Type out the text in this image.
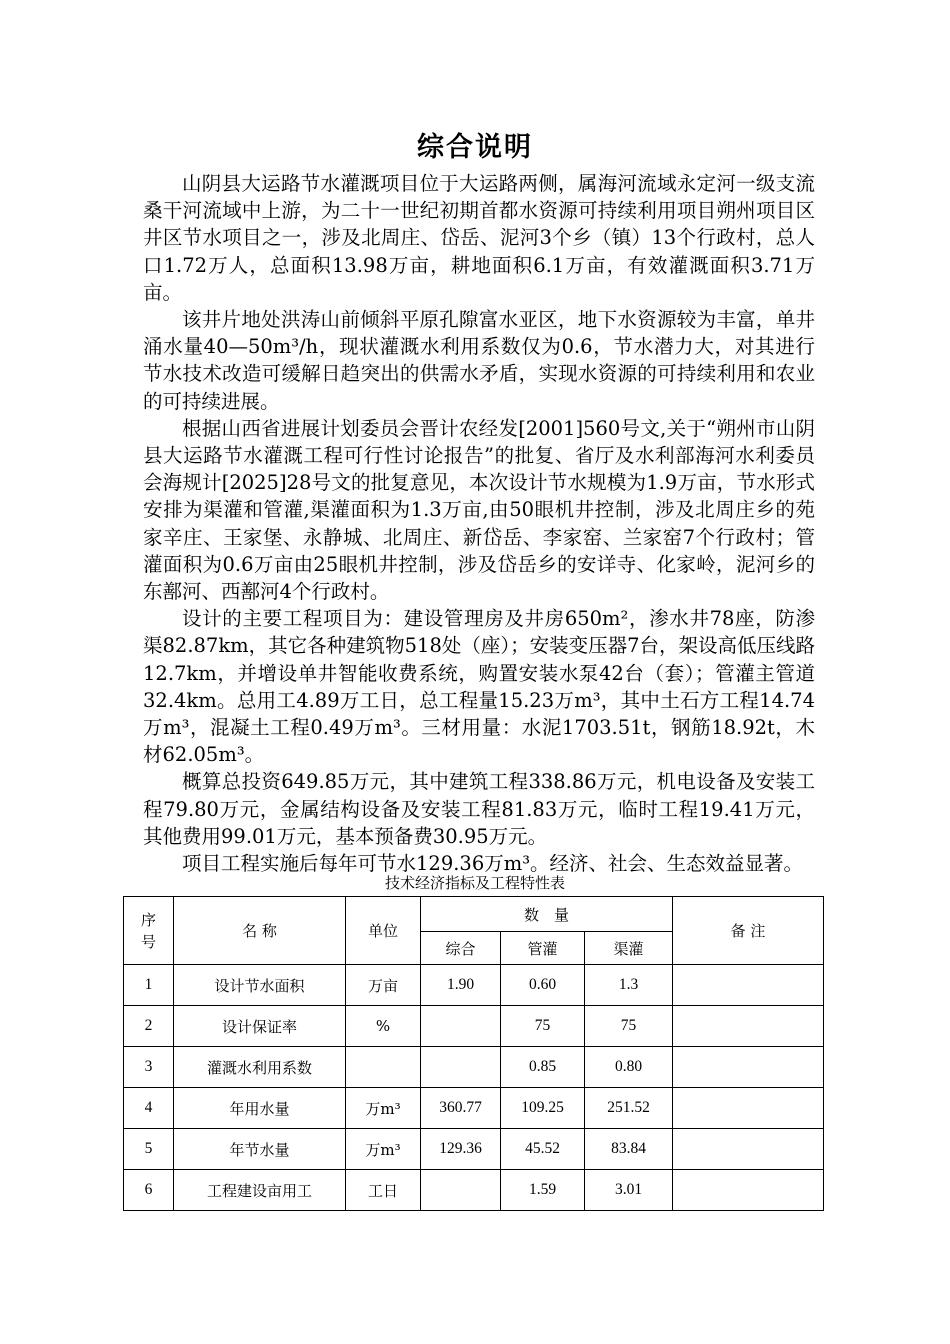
综合说明

山阴县大运路节水灌溉项目位于大运路两侧，属海河流域永定河一级支流桑干河流域中上游，为二十一世纪初期首都水资源可持续利用项目朔州项目区井区节水项目之一，涉及北周庄、岱岳、泥河3个乡（镇）13个行政村，总人口1.72万人，总面积13.98万亩，耕地面积6.1万亩，有效灌溉面积3.71万亩。

该井片地处洪涛山前倾斜平原孔隙富水亚区，地下水资源较为丰富，单井涌水量40—50m³/h，现状灌溉水利用系数仅为0.6，节水潜力大，对其进行节水技术改造可缓解日趋突出的供需水矛盾，实现水资源的可持续利用和农业的可持续进展。

根据山西省进展计划委员会晋计农经发[2001]560号文,关于“朔州市山阴县大运路节水灌溉工程可行性讨论报告”的批复、省厅及水利部海河水利委员会海规计[2025]28号文的批复意见，本次设计节水规模为1.9万亩，节水形式安排为渠灌和管灌,渠灌面积为1.3万亩,由50眼机井控制，涉及北周庄乡的苑家辛庄、王家堡、永静城、北周庄、新岱岳、李家窑、兰家窑7个行政村；管灌面积为0.6万亩由25眼机井控制，涉及岱岳乡的安详寺、化家岭，泥河乡的东鄯河、西鄯河4个行政村。

设计的主要工程项目为：建设管理房及井房650m²，渗水井78座，防渗渠82.87km，其它各种建筑物518处（座）；安装变压器7台，架设高低压线路12.7km，并增设单井智能收费系统，购置安装水泵42台（套）；管灌主管道32.4km。总用工4.89万工日，总工程量15.23万m³，其中土石方工程14.74万m³，混凝土工程0.49万m³。三材用量：水泥1703.51t，钢筋18.92t，木材62.05m³。

概算总投资649.85万元，其中建筑工程338.86万元，机电设备及安装工程79.80万元，金属结构设备及安装工程81.83万元，临时工程19.41万元，其他费用99.01万元，基本预备费30.95万元。

项目工程实施后每年可节水129.36万m³。经济、社会、生态效益显著。

技术经济指标及工程特性表
序号	名 称	单位	数　量			备 注
			综合	管灌	渠灌	
1	设计节水面积	万亩	1.90	0.60	1.3	
2	设计保证率	%		75	75	
3	灌溉水利用系数			0.85	0.80	
4	年用水量	万m³	360.77	109.25	251.52	
5	年节水量	万m³	129.36	45.52	83.84	
6	工程建设亩用工	工日		1.59	3.01	
